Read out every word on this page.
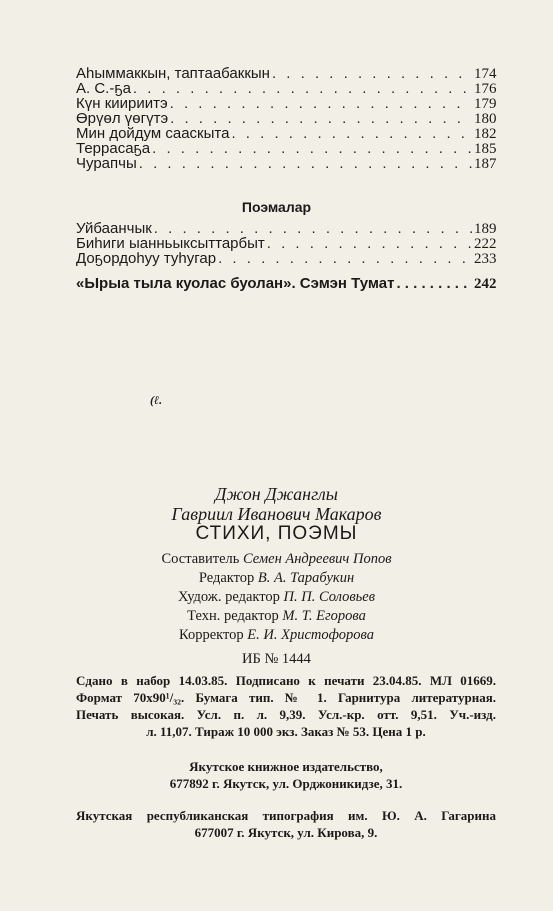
Аһыммаккын, таптаабаккын . . .	174
А. С.-ҕа . . .	176
Күн киириитэ . . .	179
Өрүөл үөгүтэ . . .	180
Мин дойдум саaскыта . . .	182
Террасаҕа . . .	185
Чурапчы . . .	187
Поэмалар
Уйбаанчык . . .	189
Биһиги ыанньыксыттарбыт . . .	222
Доҕордоһуу туһугар . . .	233
«Ырыа тыла куолас буолан». Сэмэн Тумат . . .	242
(ℓ.
Джон Джанглы
Гавриил Иванович Макаров
СТИХИ, ПОЭМЫ
Составитель Семен Андреевич Попов
Редактор В. А. Тарабукин
Худож. редактор П. П. Соловьев
Техн. редактор М. Т. Егорова
Корректор Е. И. Христофорова
ИБ № 1444
Сдано в набор 14.03.85. Подписано к печати 23.04.85. МЛ 01669.
Формат 70х90¹/₃₂. Бумага тип. № 1. Гарнитура литературная.
Печать высокая. Усл. п. л. 9,39. Усл.-кр. отт. 9,51. Уч.-изд.
л. 11,07. Тираж 10 000 экз. Заказ № 53. Цена 1 р.
Якутское книжное издательство,
677892 г. Якутск, ул. Орджоникидзе, 31.
Якутская республиканская типография им. Ю. А. Гагарина
677007 г. Якутск, ул. Кирова, 9.
